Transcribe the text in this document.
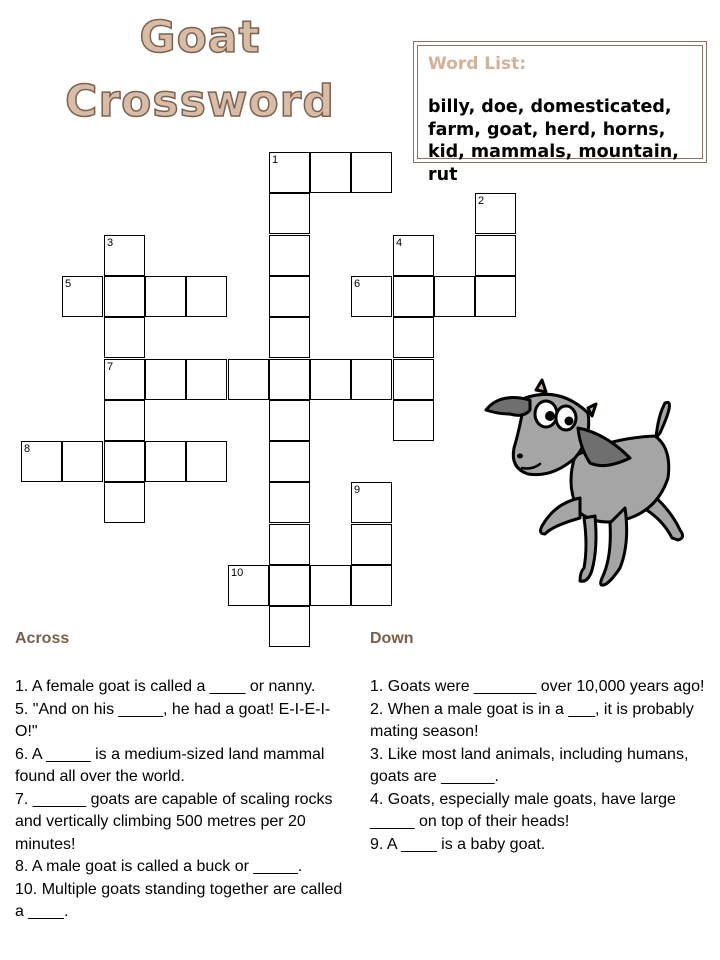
Goat
Crossword
Word List:
billy, doe, domesticated, farm, goat, herd, horns, kid, mammals, mountain, rut
1
2
3	4
5	6
7
8
9
10
Across	Down

1. A female goat is called a ____ or nanny.

5. "And on his _____, he had a goat! E-I-E-I-O!"

6. A _____ is a medium-sized land mammal found all over the world.

7. ______ goats are capable of scaling rocks and vertically climbing 500 metres per 20 minutes!

8. A male goat is called a buck or _____.

10. Multiple goats standing together are called a ____.

1. Goats were _______ over 10,000 years ago!

2. When a male goat is in a ___, it is probably mating season!

3. Like most land animals, including humans, goats are ______.

4. Goats, especially male goats, have large _____ on top of their heads!

9. A ____ is a baby goat.
